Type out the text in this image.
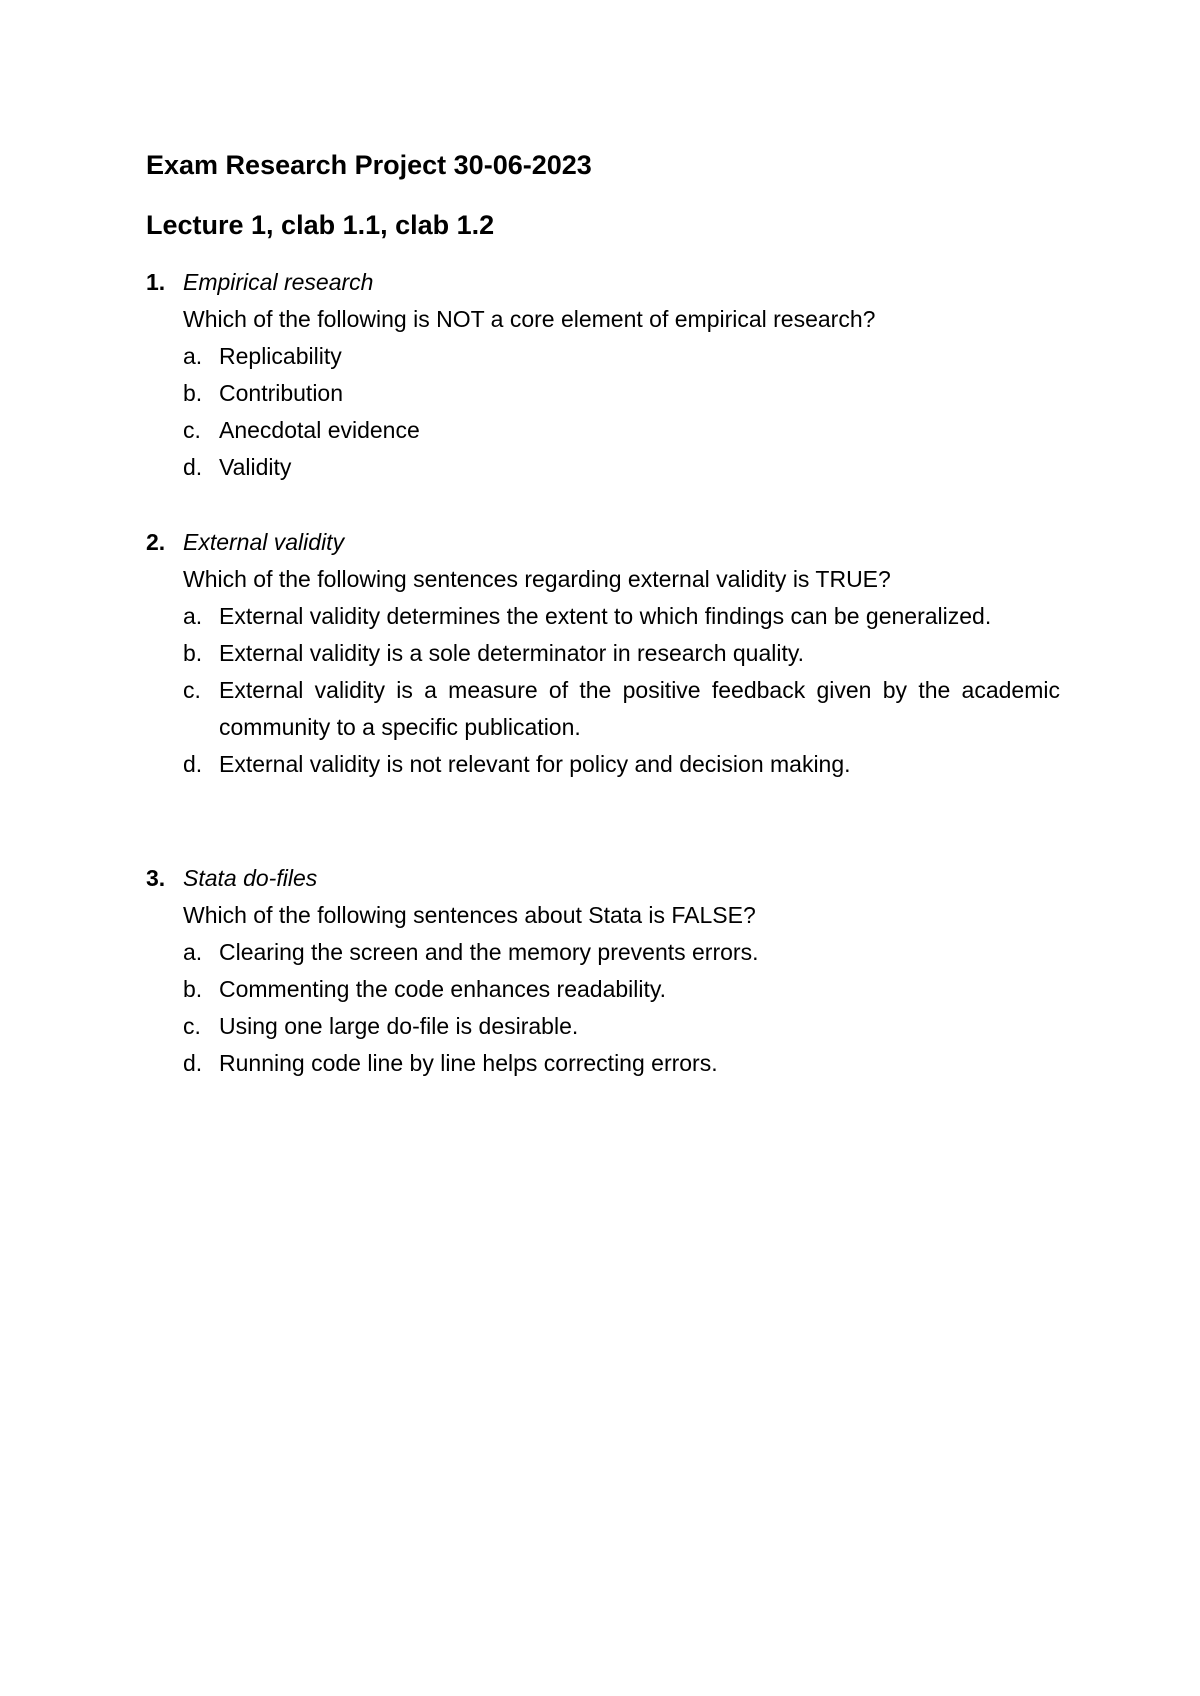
Exam Research Project 30-06-2023
Lecture 1, clab 1.1, clab 1.2
1. Empirical research
Which of the following is NOT a core element of empirical research?
a. Replicability
b. Contribution
c. Anecdotal evidence
d. Validity
2. External validity
Which of the following sentences regarding external validity is TRUE?
a. External validity determines the extent to which findings can be generalized.
b. External validity is a sole determinator in research quality.
c. External validity is a measure of the positive feedback given by the academic community to a specific publication.
d. External validity is not relevant for policy and decision making.
3. Stata do-files
Which of the following sentences about Stata is FALSE?
a. Clearing the screen and the memory prevents errors.
b. Commenting the code enhances readability.
c. Using one large do-file is desirable.
d. Running code line by line helps correcting errors.
